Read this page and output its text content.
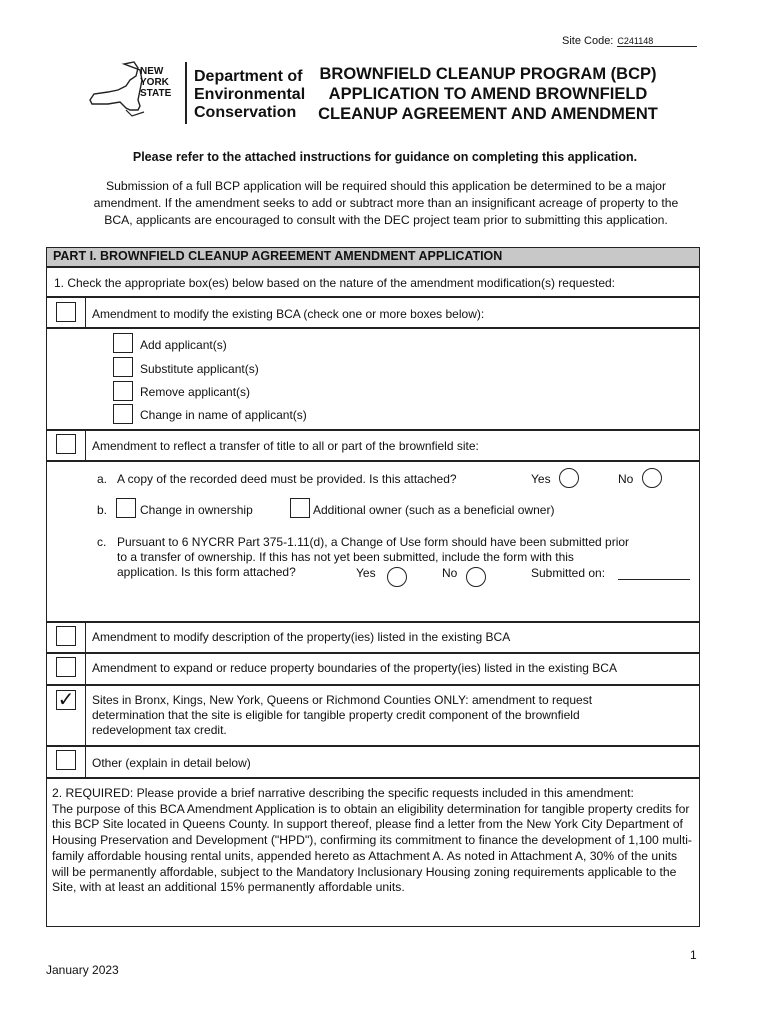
Site Code: C241148
NEW
YORK
STATE
Department of
Environmental
Conservation
BROWNFIELD CLEANUP PROGRAM (BCP)
APPLICATION TO AMEND BROWNFIELD
CLEANUP AGREEMENT AND AMENDMENT
Please refer to the attached instructions for guidance on completing this application.
Submission of a full BCP application will be required should this application be determined to be a major
amendment. If the amendment seeks to add or subtract more than an insignificant acreage of property to the
BCA, applicants are encouraged to consult with the DEC project team prior to submitting this application.
PART I. BROWNFIELD CLEANUP AGREEMENT AMENDMENT APPLICATION
1. Check the appropriate box(es) below based on the nature of the amendment modification(s) requested:
Amendment to modify the existing BCA (check one or more boxes below):
Add applicant(s)
Substitute applicant(s)
Remove applicant(s)
Change in name of applicant(s)
Amendment to reflect a transfer of title to all or part of the brownfield site:
a. A copy of the recorded deed must be provided. Is this attached?	Yes	No
b.	Change in ownership	Additional owner (such as a beneficial owner)
c. Pursuant to 6 NYCRR Part 375-1.11(d), a Change of Use form should have been submitted prior
to a transfer of ownership. If this has not yet been submitted, include the form with this
application. Is this form attached?	Yes	No	Submitted on:
Amendment to modify description of the property(ies) listed in the existing BCA
Amendment to expand or reduce property boundaries of the property(ies) listed in the existing BCA
✓ Sites in Bronx, Kings, New York, Queens or Richmond Counties ONLY: amendment to request
determination that the site is eligible for tangible property credit component of the brownfield
redevelopment tax credit.
Other (explain in detail below)
2. REQUIRED: Please provide a brief narrative describing the specific requests included in this amendment:
The purpose of this BCA Amendment Application is to obtain an eligibility determination for tangible property credits for this BCP Site located in Queens County. In support thereof, please find a letter from the New York City Department of Housing Preservation and Development ("HPD"), confirming its commitment to finance the development of 1,100 multi-family affordable housing rental units, appended hereto as Attachment A. As noted in Attachment A, 30% of the units will be permanently affordable, subject to the Mandatory Inclusionary Housing zoning requirements applicable to the Site, with at least an additional 15% permanently affordable units.
1
January 2023
